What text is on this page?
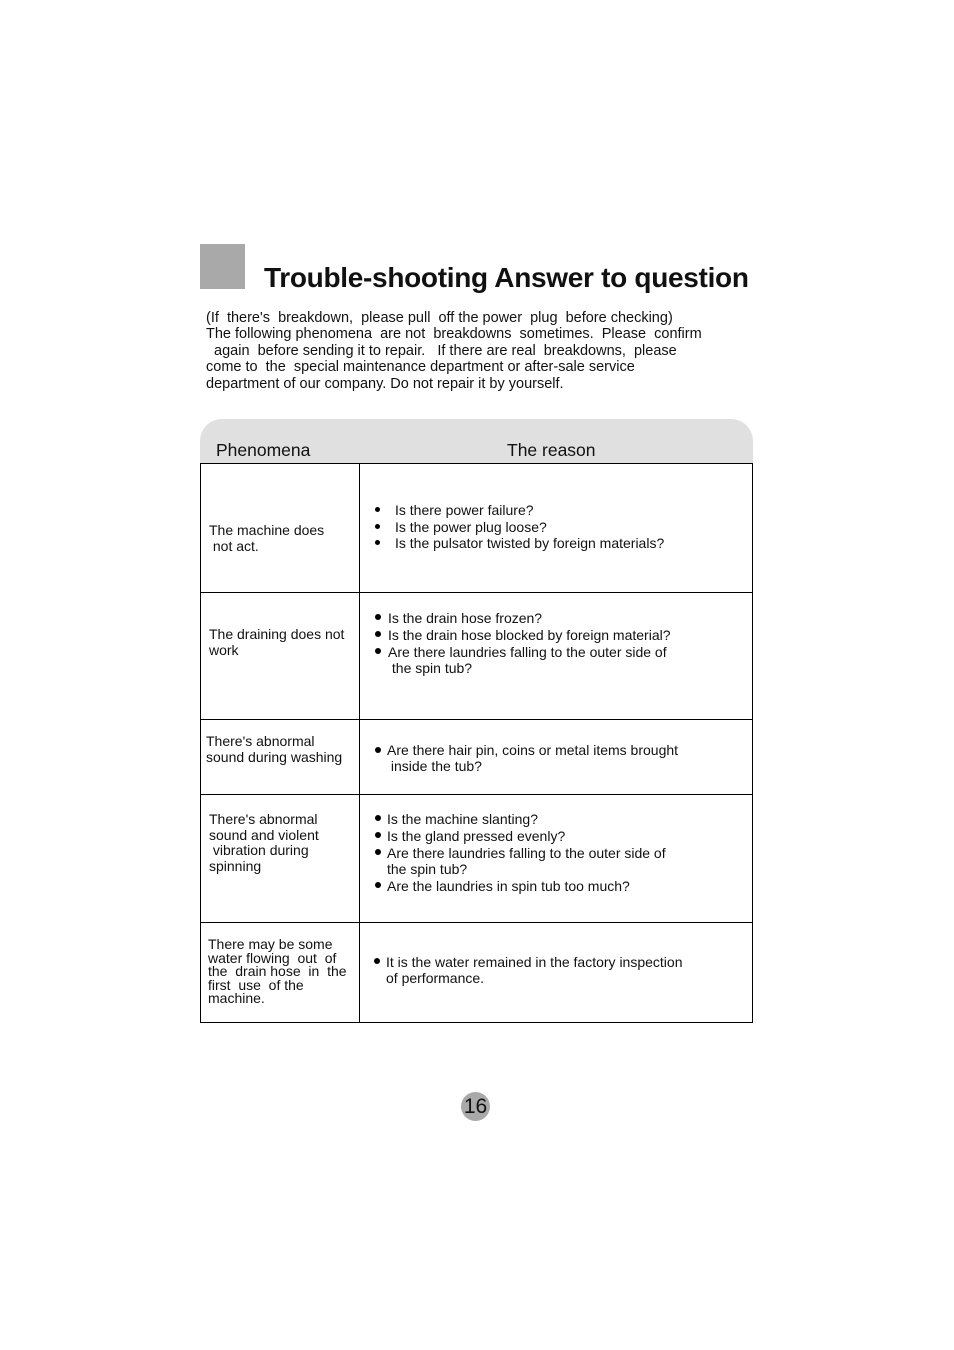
Trouble-shooting Answer to question
(If  there's  breakdown,  please pull  off the power  plug  before checking)
The following phenomena  are not  breakdowns  sometimes.  Please  confirm
again  before sending it to repair.   If there are real  breakdowns,  please
come to  the  special maintenance department or after-sale service
department of our company. Do not repair it by yourself.
Phenomena	The reason
The machine does
not act.
Is there power failure?
Is the power plug loose?
Is the pulsator twisted by foreign materials?
The draining does not
work
Is the drain hose frozen?
Is the drain hose blocked by foreign material?
Are there laundries falling to the outer side of
the spin tub?
There's abnormal
sound during washing	Are there hair pin, coins or metal items brought
inside the tub?
There's abnormal
sound and violent
vibration during
spinning
Is the machine slanting?
Is the gland pressed evenly?
Are there laundries falling to the outer side of
the spin tub?
Are the laundries in spin tub too much?
There may be some
water flowing  out  of
the  drain hose  in  the
first  use  of the
machine.
It is the water remained in the factory inspection
of performance.
16
